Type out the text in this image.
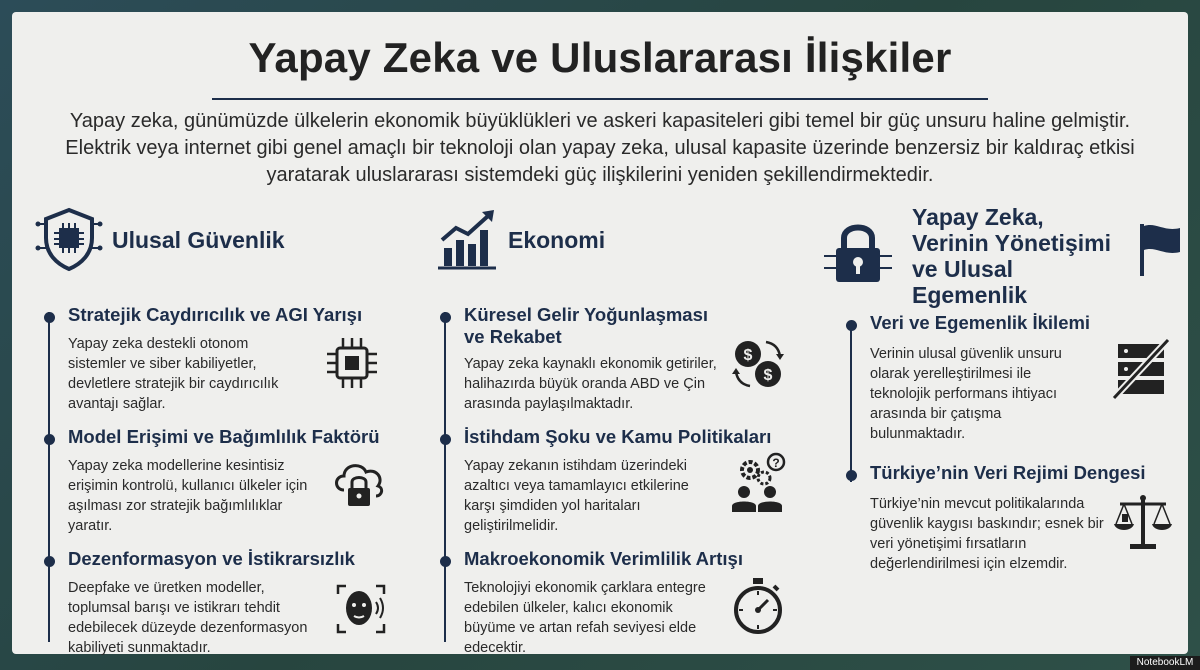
Yapay Zeka ve Uluslararası İlişkiler

Yapay zeka, günümüzde ülkelerin ekonomik büyüklükleri ve askeri kapasiteleri gibi temel bir güç unsuru haline gelmiştir. Elektrik veya internet gibi genel amaçlı bir teknoloji olan yapay zeka, ulusal kapasite üzerinde benzersiz bir kaldıraç etkisi yaratarak uluslararası sistemdeki güç ilişkilerini yeniden şekillendirmektedir.

Ulusal Güvenlik
Stratejik Caydırıcılık ve AGI Yarışı
Yapay zeka destekli otonom sistemler ve siber kabiliyetler, devletlere stratejik bir caydırıcılık avantajı sağlar.
Model Erişimi ve Bağımlılık Faktörü
Yapay zeka modellerine kesintisiz erişimin kontrolü, kullanıcı ülkeler için aşılması zor stratejik bağımlılıklar yaratır.
Dezenformasyon ve İstikrarsızlık
Deepfake ve üretken modeller, toplumsal barışı ve istikrarı tehdit edebilecek düzeyde dezenformasyon kabiliyeti sunmaktadır.
Ekonomi
Küresel Gelir Yoğunlaşması ve Rekabet
Yapay zeka kaynaklı ekonomik getiriler, halihazırda büyük oranda ABD ve Çin arasında paylaşılmaktadır.
$
$
İstihdam Şoku ve Kamu Politikaları
Yapay zekanın istihdam üzerindeki azaltıcı veya tamamlayıcı etkilerine karşı şimdiden yol haritaları geliştirilmelidir.
?
Makroekonomik Verimlilik Artışı
Teknolojiyi ekonomik çarklara entegre edebilen ülkeler, kalıcı ekonomik büyüme ve artan refah seviyesi elde edecektir.
Yapay Zeka, Verinin Yönetişimi ve Ulusal Egemenlik
Veri ve Egemenlik İkilemi
Verinin ulusal güvenlik unsuru olarak yerelleştirilmesi ile teknolojik performans ihtiyacı arasında bir çatışma bulunmaktadır.
Türkiye’nin Veri Rejimi Dengesi
Türkiye’nin mevcut politikalarında güvenlik kaygısı baskındır; esnek bir veri yönetişimi fırsatların değerlendirilmesi için elzemdir.
NotebookLM
